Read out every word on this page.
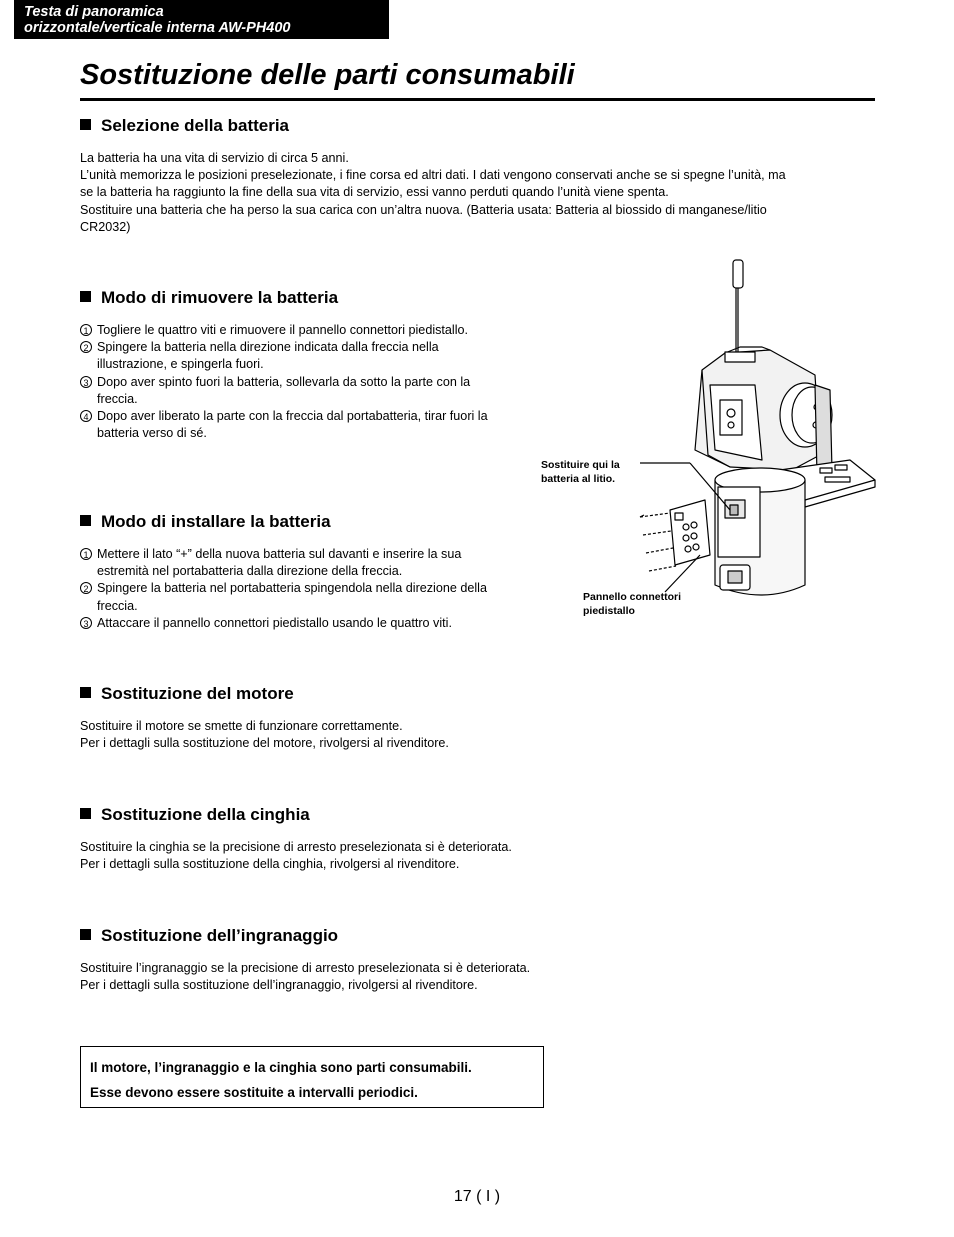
Testa di panoramica
orizzontale/verticale interna AW-PH400
Sostituzione delle parti consumabili
Selezione della batteria
La batteria ha una vita di servizio di circa 5 anni.
L’unità memorizza le posizioni preselezionate, i fine corsa ed altri dati. I dati vengono conservati anche se si spegne l’unità, ma
se la batteria ha raggiunto la fine della sua vita di servizio, essi vanno perduti quando l’unità viene spenta.
Sostituire una batteria che ha perso la sua carica con un’altra nuova. (Batteria usata: Batteria al biossido di manganese/litio
CR2032)
Modo di rimuovere la batteria
1 Togliere le quattro viti e rimuovere il pannello connettori piedistallo.
2 Spingere la batteria nella direzione indicata dalla freccia nella illustrazione, e spingerla fuori.
3 Dopo aver spinto fuori la batteria, sollevarla da sotto la parte con la freccia.
4 Dopo aver liberato la parte con la freccia dal portabatteria, tirar fuori la batteria verso di sé.
Modo di installare la batteria
1 Mettere il lato “+” della nuova batteria sul davanti e inserire la sua estremità nel portabatteria dalla direzione della freccia.
2 Spingere la batteria nel portabatteria spingendola nella direzione della freccia.
3 Attaccare il pannello connettori piedistallo usando le quattro viti.
Sostituire qui la
batteria al litio.
Pannello connettori
piedistallo
Sostituzione del motore
Sostituire il motore se smette di funzionare correttamente.
Per i dettagli sulla sostituzione del motore, rivolgersi al rivenditore.
Sostituzione della cinghia
Sostituire la cinghia se la precisione di arresto preselezionata si è deteriorata.
Per i dettagli sulla sostituzione della cinghia, rivolgersi al rivenditore.
Sostituzione dell’ingranaggio
Sostituire l’ingranaggio se la precisione di arresto preselezionata si è deteriorata.
Per i dettagli sulla sostituzione dell’ingranaggio, rivolgersi al rivenditore.
Il motore, l’ingranaggio e la cinghia sono parti consumabili.
Esse devono essere sostituite a intervalli periodici.
17 ( I )
